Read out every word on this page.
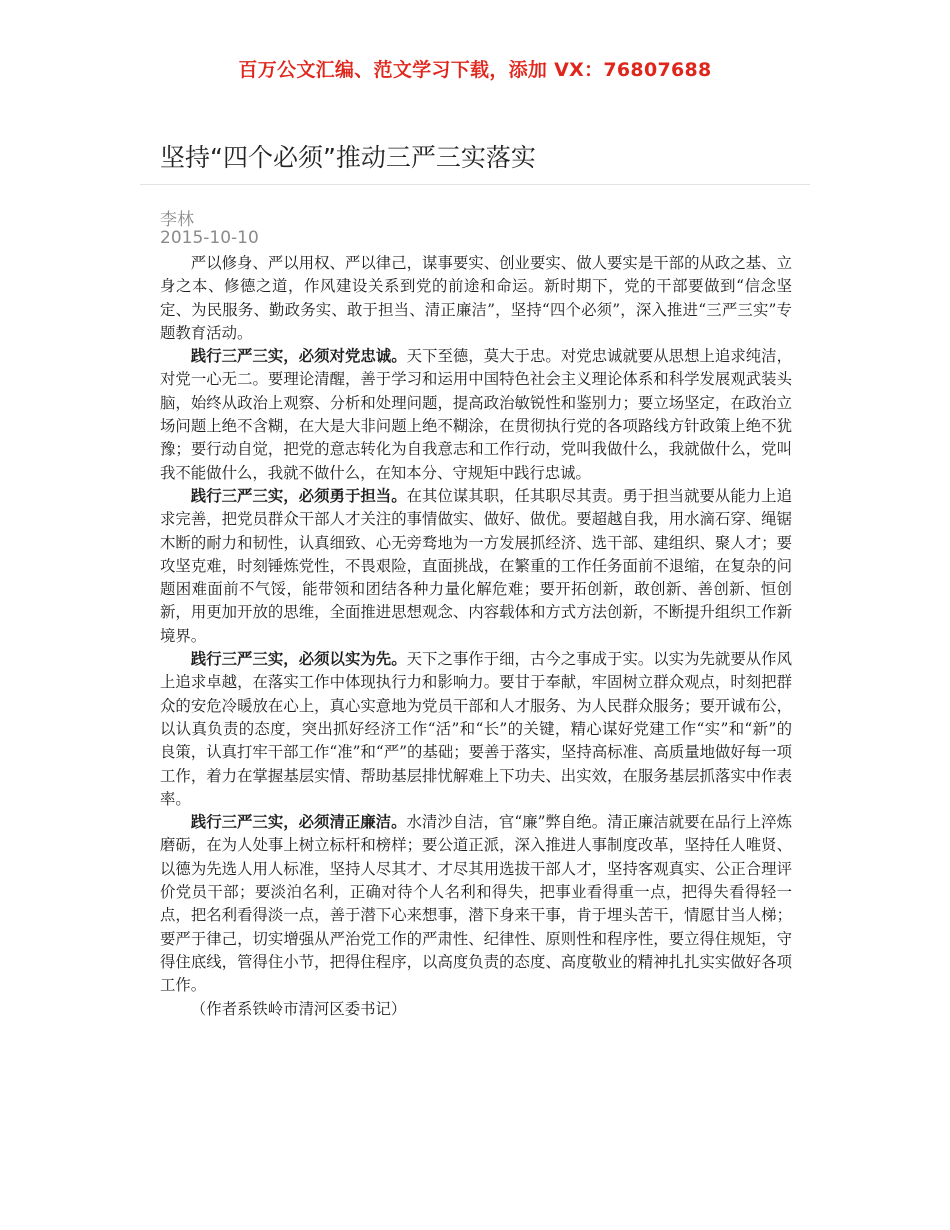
百万公文汇编、范文学习下载，添加 VX：76807688
坚持“四个必须”推动三严三实落实
李林
2015-10-10

严以修身、严以用权、严以律己，谋事要实、创业要实、做人要实是干部的从政之基、立身之本、修德之道，作风建设关系到党的前途和命运。新时期下，党的干部要做到“信念坚定、为民服务、勤政务实、敢于担当、清正廉洁”，坚持“四个必须”，深入推进“三严三实”专题教育活动。

践行三严三实，必须对党忠诚。天下至德，莫大于忠。对党忠诚就要从思想上追求纯洁，对党一心无二。要理论清醒，善于学习和运用中国特色社会主义理论体系和科学发展观武装头脑，始终从政治上观察、分析和处理问题，提高政治敏锐性和鉴别力；要立场坚定，在政治立场问题上绝不含糊，在大是大非问题上绝不糊涂，在贯彻执行党的各项路线方针政策上绝不犹豫；要行动自觉，把党的意志转化为自我意志和工作行动，党叫我做什么，我就做什么，党叫我不能做什么，我就不做什么，在知本分、守规矩中践行忠诚。

践行三严三实，必须勇于担当。在其位谋其职，任其职尽其责。勇于担当就要从能力上追求完善，把党员群众干部人才关注的事情做实、做好、做优。要超越自我，用水滴石穿、绳锯木断的耐力和韧性，认真细致、心无旁骛地为一方发展抓经济、选干部、建组织、聚人才；要攻坚克难，时刻锤炼党性，不畏艰险，直面挑战，在繁重的工作任务面前不退缩，在复杂的问题困难面前不气馁，能带领和团结各种力量化解危难；要开拓创新，敢创新、善创新、恒创新，用更加开放的思维，全面推进思想观念、内容载体和方式方法创新，不断提升组织工作新境界。

践行三严三实，必须以实为先。天下之事作于细，古今之事成于实。以实为先就要从作风上追求卓越，在落实工作中体现执行力和影响力。要甘于奉献，牢固树立群众观点，时刻把群众的安危冷暖放在心上，真心实意地为党员干部和人才服务、为人民群众服务；要开诚布公，以认真负责的态度，突出抓好经济工作“活”和“长”的关键，精心谋好党建工作“实”和“新”的良策，认真打牢干部工作“准”和“严”的基础；要善于落实，坚持高标准、高质量地做好每一项工作，着力在掌握基层实情、帮助基层排忧解难上下功夫、出实效，在服务基层抓落实中作表率。

践行三严三实，必须清正廉洁。水清沙自洁，官“廉”弊自绝。清正廉洁就要在品行上淬炼磨砺，在为人处事上树立标杆和榜样；要公道正派，深入推进人事制度改革，坚持任人唯贤、以德为先选人用人标准，坚持人尽其才、才尽其用选拔干部人才，坚持客观真实、公正合理评价党员干部；要淡泊名利，正确对待个人名利和得失，把事业看得重一点，把得失看得轻一点，把名利看得淡一点，善于潜下心来想事，潜下身来干事，肯于埋头苦干，情愿甘当人梯；要严于律己，切实增强从严治党工作的严肃性、纪律性、原则性和程序性，要立得住规矩，守得住底线，管得住小节，把得住程序，以高度负责的态度、高度敬业的精神扎扎实实做好各项工作。

（作者系铁岭市清河区委书记）
